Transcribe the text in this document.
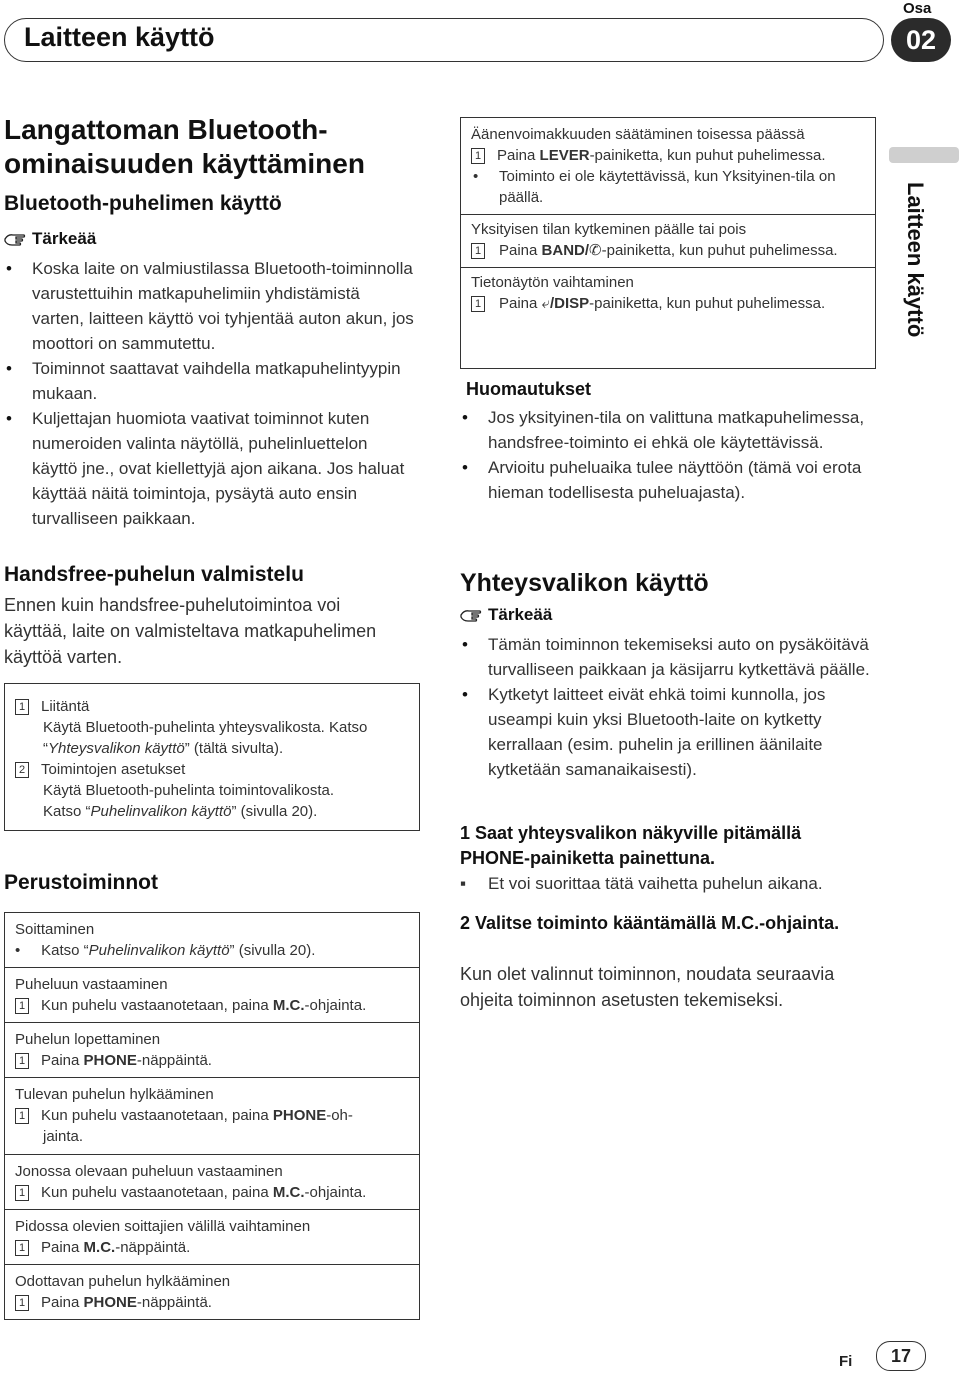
Laitteen käyttö
Osa
02
Laitteen käyttö
Langattoman Bluetooth-
ominaisuuden käyttäminen
Bluetooth-puhelimen käyttö
Tärkeää
• Koska laite on valmiustilassa Bluetooth-toiminnolla varustettuihin matkapuhelimiin yhdistämistä varten, laitteen käyttö voi tyhjentää auton akun, jos moottori on sammutettu.
• Toiminnot saattavat vaihdella matkapuhelintyypin mukaan.
• Kuljettajan huomiota vaativat toiminnot kuten numeroiden valinta näytöllä, puhelinluettelon käyttö jne., ovat kiellettyjä ajon aikana. Jos haluat käyttää näitä toimintoja, pysäytä auto ensin turvalliseen paikkaan.
Handsfree-puhelun valmistelu
Ennen kuin handsfree-puhelutoimintoa voi käyttää, laite on valmisteltava matkapuhelimen käyttöä varten.
1 Liitäntä
Käytä Bluetooth-puhelinta yhteysvalikosta. Katso
“Yhteysvalikon käyttö” (tältä sivulta).
2 Toimintojen asetukset
Käytä Bluetooth-puhelinta toimintovalikosta.
Katso “Puhelinvalikon käyttö” (sivulla 20).
Perustoiminnot
Soittaminen
•     Katso “Puhelinvalikon käyttö” (sivulla 20).
Puheluun vastaaminen
1 Kun puhelu vastaanotetaan, paina M.C.-ohjainta.
Puhelun lopettaminen
1 Paina PHONE-näppäintä.
Tulevan puhelun hylkääminen
1 Kun puhelu vastaanotetaan, paina PHONE-oh-
jainta.
Jonossa olevaan puheluun vastaaminen
1 Kun puhelu vastaanotetaan, paina M.C.-ohjainta.
Pidossa olevien soittajien välillä vaihtaminen
1 Paina M.C.-näppäintä.
Odottavan puhelun hylkääminen
1 Paina PHONE-näppäintä.
Äänenvoimakkuuden säätäminen toisessa päässä
1 Paina LEVER-painiketta, kun puhut puhelimessa.
• Toiminto ei ole käytettävissä, kun Yksityinen-tila on päällä.
Yksityisen tilan kytkeminen päälle tai pois
1 Paina BAND/✆-painiketta, kun puhut puhelimessa.
Tietonäytön vaihtaminen
1 Paina ⤶/DISP-painiketta, kun puhut puhelimessa.
Huomautukset
• Jos yksityinen-tila on valittuna matkapuhelimessa, handsfree-toiminto ei ehkä ole käytettävissä.
• Arvioitu puheluaika tulee näyttöön (tämä voi erota hieman todellisesta puheluajasta).
Yhteysvalikon käyttö
Tärkeää
• Tämän toiminnon tekemiseksi auto on pysäköitävä turvalliseen paikkaan ja käsijarru kytkettävä päälle.
• Kytketyt laitteet eivät ehkä toimi kunnolla, jos useampi kuin yksi Bluetooth-laite on kytketty kerrallaan (esim. puhelin ja erillinen äänilaite kytketään samanaikaisesti).
1 Saat yhteysvalikon näkyville pitämällä PHONE-painiketta painettuna.
▪ Et voi suorittaa tätä vaihetta puhelun aikana.
2 Valitse toiminto kääntämällä M.C.-ohjainta.
Kun olet valinnut toiminnon, noudata seuraavia ohjeita toiminnon asetusten tekemiseksi.
Fi	17
